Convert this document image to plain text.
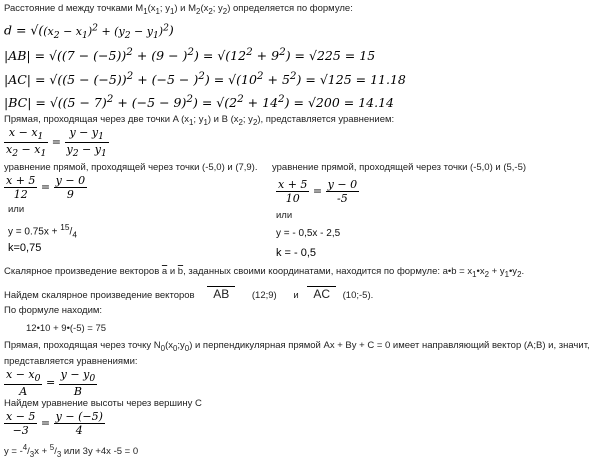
Расстояние d между точками $M_1(x_1$; $y_1$) и $M_2(x_2$; $y_2$) определяется по формуле:
$d = √((x_2 - x_1)^2 + (y_2 - y_1)^2)$
$|AB| = √((7 - (-5))^2 + (9 - )^2) = √(12^2 + 9^2) = √225 = 15$
$|AC| = √((5 - (-5))^2 + (-5 - )^2) = √(10^2 + 5^2) = √125 = 11.18$
$|BC| = √((5 - 7)^2 + (-5 - 9)^2) = √(2^2 + 14^2) = √200 = 14.14$
Прямая, проходящая через две точки A ($x_1$; $y_1$) и B ($x_2$; $y_2$), представляется уравнением:
$\frac{x - x_1}{x_2 - x_1} = \frac{y - y_1}{y_2 - y_1}$
уравнение прямой, проходящей через точки (-5,0) и (7,9).
$\frac{x + 5}{12} = \frac{y - 0}{9}$
или
$y = 0.75x + ^{15}/_4$
k=0,75
уравнение прямой, проходящей через точки (-5,0) и (5,-5)
$\frac{x + 5}{10} = \frac{y - 0}{-5}$
или
y = - 0,5x - 2,5
k = - 0,5
Скалярное произведение векторов $\overline{a}$ и $\overline{b}$, заданных своими координатами, находится по формуле: a•b = $x_1•x_2$ + $y_1•y_2$.
Найдем скалярное произведение векторов AB (12;9) и AC (10;-5).
По формуле находим:
12•10 + 9•(-5) = 75
Прямая, проходящая через точку $N_0(x_0;y_0)$ и перпендикулярная прямой Ax + By + C = 0 имеет направляющий вектор (A;B) и, значит,
представляется уравнениями:
$\frac{x - x_0}{A} = \frac{y - y_0}{B}$
Найдем уравнение высоты через вершину C
$\frac{x - 5}{-3} = \frac{y - (-5)}{4}$
$y = -^4/_3x + ^5/_3$ или 3y +4x -5 = 0
